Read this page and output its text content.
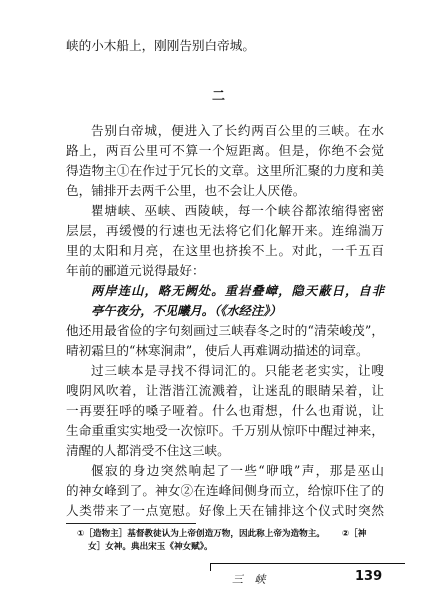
峡的小木船上，刚刚告别白帝城。
二
告别白帝城，便进入了长约两百公里的三峡。在水
路上，两百公里可不算一个短距离。但是，你绝不会觉
得造物主①在作过于冗长的文章。这里所汇聚的力度和美
色，铺排开去两千公里，也不会让人厌倦。
瞿塘峡、巫峡、西陵峡，每一个峡谷都浓缩得密密
层层，再缓慢的行速也无法将它们化解开来。连绵湍万
里的太阳和月亮，在这里也挤挨不上。对此，一千五百
年前的郦道元说得最好：
两岸连山，略无阙处。重岩叠嶂，隐天蔽日，自非
亭午夜分，不见曦月。（《水经注》）
他还用最省俭的字句刻画过三峡春冬之时的“清荣峻茂”，
晴初霜旦的“林寒涧肃”，使后人再难调动描述的词章。
过三峡本是寻找不得词汇的。只能老老实实，让嗖
嗖阴风吹着，让湝湝江流溅着，让迷乱的眼睛呆着，让
一再要狂呼的嗓子哑着。什么也甭想，什么也甭说，让
生命重重实实地受一次惊吓。千万别从惊吓中醒过神来，
清醒的人都消受不住这三峡。
偃寂的身边突然响起了一些“咿哦”声，那是巫山
的神女峰到了。神女②在连峰间侧身而立，给惊吓住了的
人类带来了一点宽慰。好像上天在铺排这个仪式时突然
①［造物主］基督教徒认为上帝创造万物，因此称上帝为造物主。 ②［神
女］女神。典出宋玉《神女赋》。
三 峡	139
